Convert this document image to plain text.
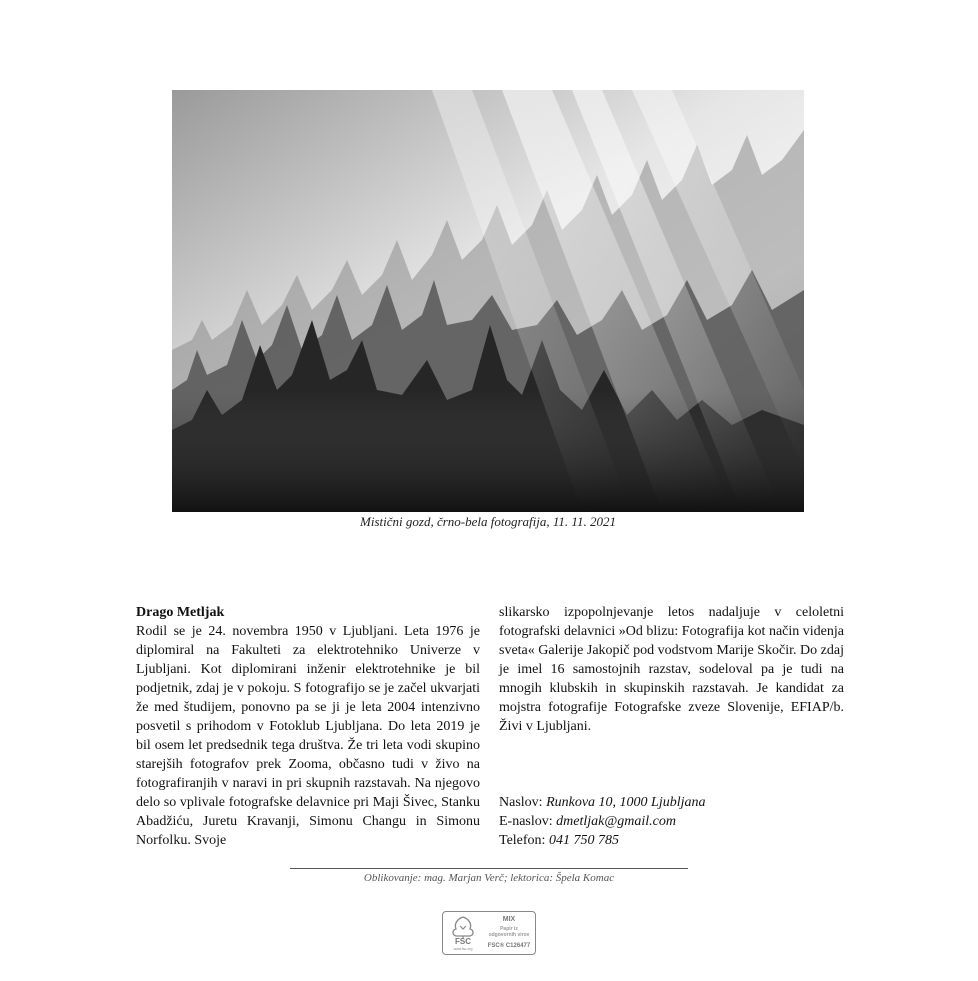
Mistični gozd, črno-bela fotografija, 11. 11. 2021
Drago Metljak

Rodil se je 24. novembra 1950 v Ljubljani. Leta 1976 je diplomiral na Fakulteti za elektrotehniko Univerze v Ljubljani. Kot diplomirani inženir elektrotehnike je bil podjetnik, zdaj je v pokoju. S fotografijo se je začel ukvarjati že med študijem, ponovno pa se ji je leta 2004 intenzivno posvetil s prihodom v Fotoklub Ljubljana. Do leta 2019 je bil osem let predsednik tega društva. Že tri leta vodi skupino starejših fotografov prek Zooma, občasno tudi v živo na fotografiranjih v naravi in pri skupnih razstavah. Na njegovo delo so vplivale fotografske delavnice pri Maji Šivec, Stanku Abadžiću, Juretu Kravanji, Simonu Changu in Simonu Norfolku. Svoje

slikarsko izpopolnjevanje letos nadaljuje v celoletni fotografski delavnici »Od blizu: Fotografija kot način videnja sveta« Galerije Jakopič pod vodstvom Marije Skočir. Do zdaj je imel 16 samostojnih razstav, sodeloval pa je tudi na mnogih klubskih in skupinskih razstavah. Je kandidat za mojstra fotografije Fotografske zveze Slovenije, EFIAP/b. Živi v Ljubljani.

Naslov: Runkova 10, 1000 Ljubljana
E-naslov: dmetljak@gmail.com
Telefon: 041 750 785
Oblikovanje: mag. Marjan Verč; lektorica: Špela Komac
FSC
www.fsc.org
MIX
Papir iz
odgovornih virov
FSC® C126477
